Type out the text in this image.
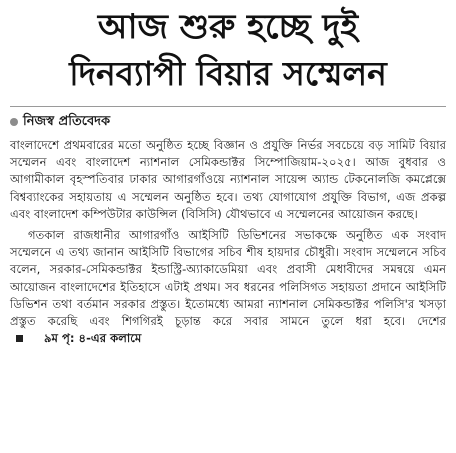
আজ শুরু হচ্ছে দুই
দিনব্যাপী বিয়ার সম্মেলন
নিজস্ব প্রতিবেদক

বাংলাদেশে প্রথমবারের মতো অনুষ্ঠিত হচ্ছে বিজ্ঞান ও প্রযুক্তি নির্ভর সবচেয়ে বড় সামিট বিয়ার সম্মেলন এবং বাংলাদেশ ন্যাশনাল সেমিকন্ডাক্টর সিম্পোজিয়াম-২০২৫। আজ বুধবার ও আগামীকাল বৃহস্পতিবার ঢাকার আগারগাঁওয়ে ন্যাশনাল সায়েন্স অ্যান্ড টেকনোলজি কমপ্লেক্সে বিশ্বব্যাংকের সহায়তায় এ সম্মেলন অনুষ্ঠিত হবে। তথ্য যোগাযোগ প্রযুক্তি বিভাগ, এজ প্রকল্প এবং বাংলাদেশ কম্পিউটার কাউন্সিল (বিসিসি) যৌথভাবে এ সম্মেলনের আয়োজন করছে।

গতকাল রাজধানীর আগারগাঁও আইসিটি ডিভিশনের সভাকক্ষে অনুষ্ঠিত এক সংবাদ সম্মেলনে এ তথ্য জানান আইসিটি বিভাগের সচিব শীষ হায়দার চৌধুরী। সংবাদ সম্মেলনে সচিব বলেন, সরকার-সেমিকন্ডাক্টর ইন্ডাস্ট্রি-অ্যাকাডেমিয়া এবং প্রবাসী মেধাবীদের সমন্বয়ে এমন আয়োজন বাংলাদেশের ইতিহাসে এটাই প্রথম। সব ধরনের পলিসিগত সহায়তা প্রদানে আইসিটি ডিভিশন তথা বর্তমান সরকার প্রস্তুত। ইতোমধ্যে আমরা ন্যাশনাল সেমিকন্ডাক্টর পলিসি'র খসড়া প্রস্তুত করেছি এবং শিগগিরই চূড়ান্ত করে সবার সামনে তুলে ধরা হবে। দেশের
৯ম পৃ: ৪-এর কলামে
